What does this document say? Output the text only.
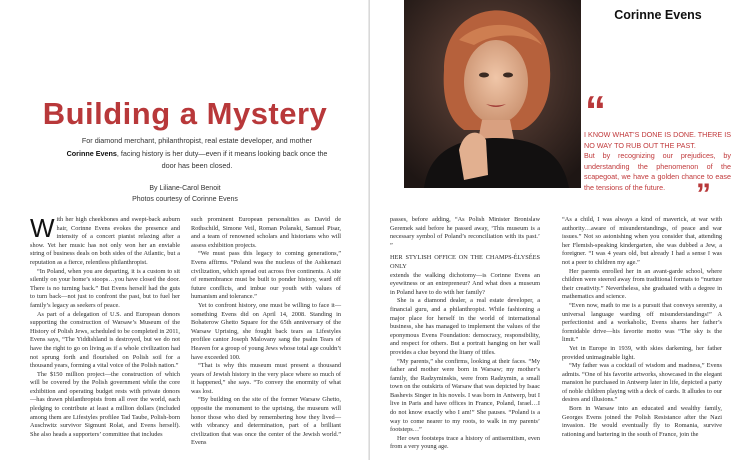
Building a Mystery
For diamond merchant, philanthropist, real estate developer, and mother
Corinne Evens, facing history is her duty—even if it means looking back once the door has been closed.
By Liliane-Carol Benoit
Photos courtesy of Corinne Evens

With her high cheekbones and swept-back auburn hair, Corinne Evens evokes the presence and intensity of a concert pianist relaxing after a show. Yet her music has not only won her an enviable string of business deals on both sides of the Atlantic, but a reputation as a fierce, relentless philanthropist.

“In Poland, when you are departing, it is a custom to sit silently on your home’s stoops…you have closed the door. There is no turning back.” But Evens herself had the guts to turn back—not just to confront the past, but to fuel her family’s legacy as seekers of peace.

As part of a delegation of U.S. and European donors supporting the construction of Warsaw’s Museum of the History of Polish Jews, scheduled to be completed in 2011, Evens says, “The Yiddishland is destroyed, but we do not have the right to go on living as if a whole civilization had not sprung forth and flourished on Polish soil for a thousand years, forming a vital voice of the Polish nation.”

The $150 million project—the construction of which will be covered by the Polish government while the core exhibition and operating budget rests with private donors—has drawn philanthropists from all over the world, each pledging to contribute at least a million dollars (included among them are Lifestyles profilee Tad Taube, Polish-born Auschwitz survivor Sigmunt Rolat, and Evens herself). She also heads a supporters’ committee that includes

such prominent European personalities as David de Rothschild, Simone Veil, Roman Polanski, Samuel Pisar, and a team of renowned scholars and historians who will assess exhibition projects.

“We must pass this legacy to coming generations,” Evens affirms. “Poland was the nucleus of the Ashkenazi civilization, which spread out across five continents. A site of remembrance must be built to ponder history, ward off future conflicts, and imbue our youth with values of humanism and tolerance.”

Yet to confront history, one must be willing to face it—something Evens did on April 14, 2008. Standing in Bohaterow Ghetto Square for the 65th anniversary of the Warsaw Uprising, she fought back tears as Lifestyles profilee cantor Joseph Malovany sang the psalm Tears of Heaven for a group of young Jews whose total age couldn’t have exceeded 100.

“That is why this museum must present a thousand years of Jewish history in the very place where so much of it happened,” she says. “To convey the enormity of what was lost.

“By building on the site of the former Warsaw Ghetto, opposite the monument to the uprising, the museum will honor those who died by remembering how they lived—with vibrancy and determination, part of a brilliant civilization that was once the center of the Jewish world.” Evens

Corinne Evens
“
I KNOW WHAT’S DONE IS DONE. THERE IS NO WAY TO RUB OUT THE PAST.
But by recognizing our prejudices, by understanding the phenomenon of the scapegoat, we have a golden chance to ease the tensions of the future.	”

passes, before adding, “As Polish Minister Bronislaw Geremek said before he passed away, ‘This museum is a necessary symbol of Poland’s reconciliation with its past.’ ”

HER STYLISH OFFICE ON THE CHAMPS-ÉLYSÉES ONLY

extends the walking dichotomy—is Corinne Evens an eyewitness or an entrepreneur? And what does a museum in Poland have to do with her family?

She is a diamond dealer, a real estate developer, a financial guru, and a philanthropist. While fashioning a major place for herself in the world of international business, she has managed to implement the values of the eponymous Evens Foundation: democracy, responsibility, and respect for others. But a portrait hanging on her wall provides a clue beyond the litany of titles.

“My parents,” she confirms, looking at their faces. “My father and mother were born in Warsaw; my mother’s family, the Radzyminskis, were from Radzymin, a small town on the outskirts of Warsaw that was depicted by Isaac Bashevis Singer in his novels. I was born in Antwerp, but I live in Paris and have offices in France, Poland, Israel…I do not know exactly who I am!” She pauses. “Poland is a way to come nearer to my roots, to walk in my parents’ footsteps…”

Her own footsteps trace a history of antisemitism, even from a very young age.

“As a child, I was always a kind of maverick, at war with authority…aware of misunderstandings, of peace and war issues.” Not so astonishing when you consider that, attending her Flemish-speaking kindergarten, she was dubbed a Jew, a foreigner. “I was 4 years old, but already I had a sense I was not a peer to children my age.”

Her parents enrolled her in an avant-garde school, where children were steered away from traditional formats to “nurture their creativity.” Nevertheless, she graduated with a degree in mathematics and science.

“Even now, math to me is a pursuit that conveys serenity, a universal language warding off misunderstandings!” A perfectionist and a workaholic, Evens shares her father’s formidable drive—his favorite motto was “The sky is the limit.”

Yet in Europe in 1939, with skies darkening, her father provided unimaginable light.

“My father was a cocktail of wisdom and madness,” Evens admits. “One of his favorite artworks, showcased in the elegant mansion he purchased in Antwerp later in life, depicted a party of noble children playing with a deck of cards. It alludes to our desires and illusions.”

Born in Warsaw into an educated and wealthy family, Georges Evens joined the Polish Resistance after the Nazi invasion. He would eventually fly to Romania, survive rationing and bartering in the south of France, join the
